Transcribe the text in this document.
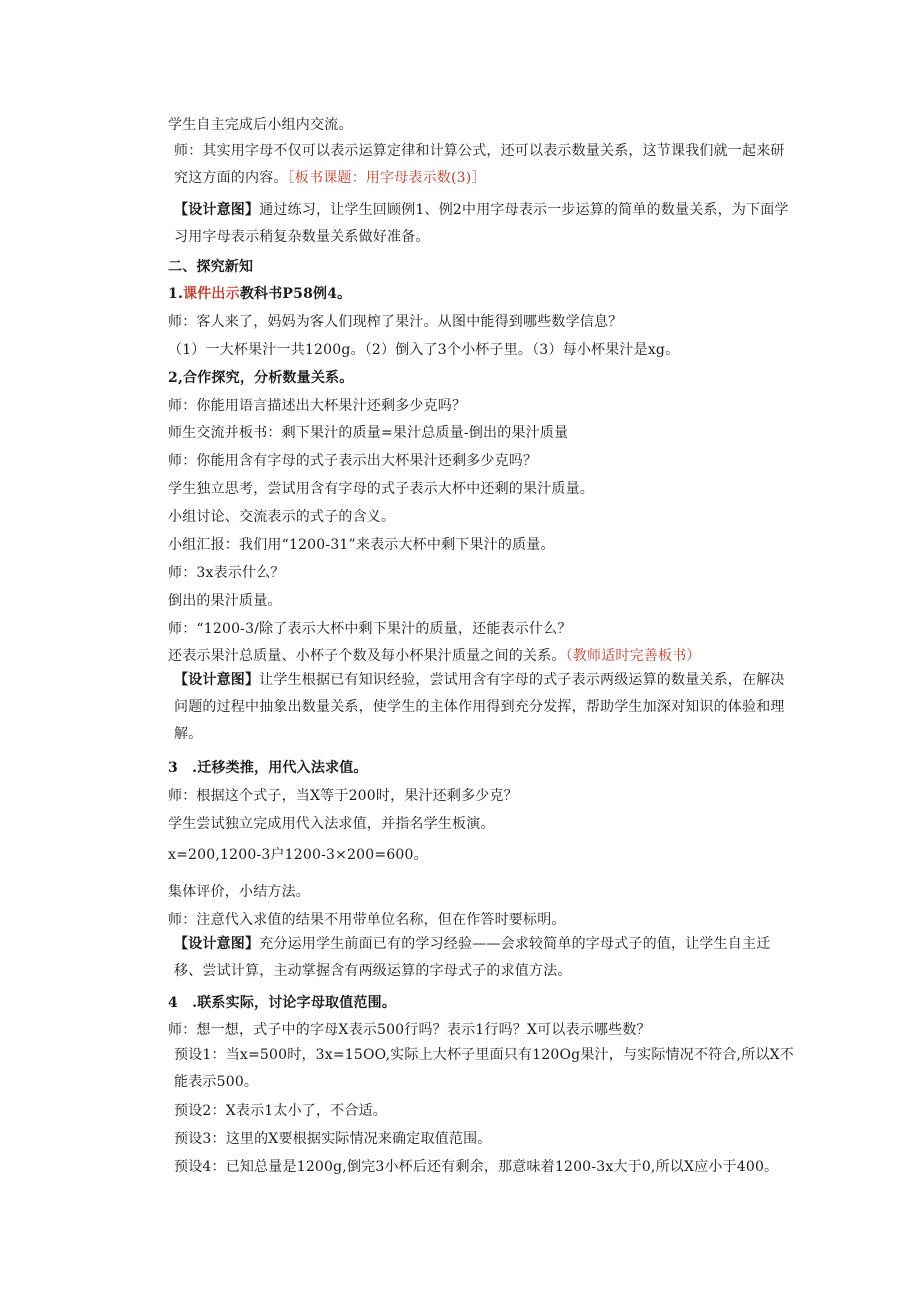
学生自主完成后小组内交流。
师：其实用字母不仅可以表示运算定律和计算公式，还可以表示数量关系，这节课我们就一起来研究这方面的内容。［板书课题：用字母表示数(3)］
【设计意图】通过练习，让学生回顾例1、例2中用字母表示一步运算的简单的数量关系，为下面学习用字母表示稍复杂数量关系做好准备。
二、探究新知
1.课件出示教科书P58例4。
师：客人来了，妈妈为客人们现榨了果汁。从图中能得到哪些数学信息？
（1）一大杯果汁一共1200g。（2）倒入了3个小杯子里。（3）每小杯果汁是xg。
2,合作探究，分析数量关系。
师：你能用语言描述出大杯果汁还剩多少克吗？
师生交流并板书：剩下果汁的质量=果汁总质量-倒出的果汁质量
师：你能用含有字母的式子表示出大杯果汁还剩多少克吗？
学生独立思考，尝试用含有字母的式子表示大杯中还剩的果汁质量。
小组讨论、交流表示的式子的含义。
小组汇报：我们用“1200-31”来表示大杯中剩下果汁的质量。
师：3x表示什么？
倒出的果汁质量。
师：“1200-3/除了表示大杯中剩下果汁的质量，还能表示什么？
还表示果汁总质量、小杯子个数及每小杯果汁质量之间的关系。（教师适时完善板书）
【设计意图】让学生根据已有知识经验，尝试用含有字母的式子表示两级运算的数量关系，在解决问题的过程中抽象出数量关系，使学生的主体作用得到充分发挥，帮助学生加深对知识的体验和理解。
3　.迁移类推，用代入法求值。
师：根据这个式子，当X等于200时，果汁还剩多少克？
学生尝试独立完成用代入法求值，并指名学生板演。
x=200,1200-3户1200-3×200=600。
集体评价，小结方法。
师：注意代入求值的结果不用带单位名称，但在作答时要标明。
【设计意图】充分运用学生前面已有的学习经验——会求较简单的字母式子的值，让学生自主迁移、尝试计算，主动掌握含有两级运算的字母式子的求值方法。
4　.联系实际，讨论字母取值范围。
师：想一想，式子中的字母X表示500行吗？表示1行吗？X可以表示哪些数？
预设1：当x=500时，3x=15OO,实际上大杯子里面只有120Og果汁，与实际情况不符合,所以X不能表示500。
预设2：X表示1太小了，不合适。
预设3：这里的X要根据实际情况来确定取值范围。
预设4：已知总量是1200g,倒完3小杯后还有剩余，那意味着1200-3x大于0,所以X应小于400。
